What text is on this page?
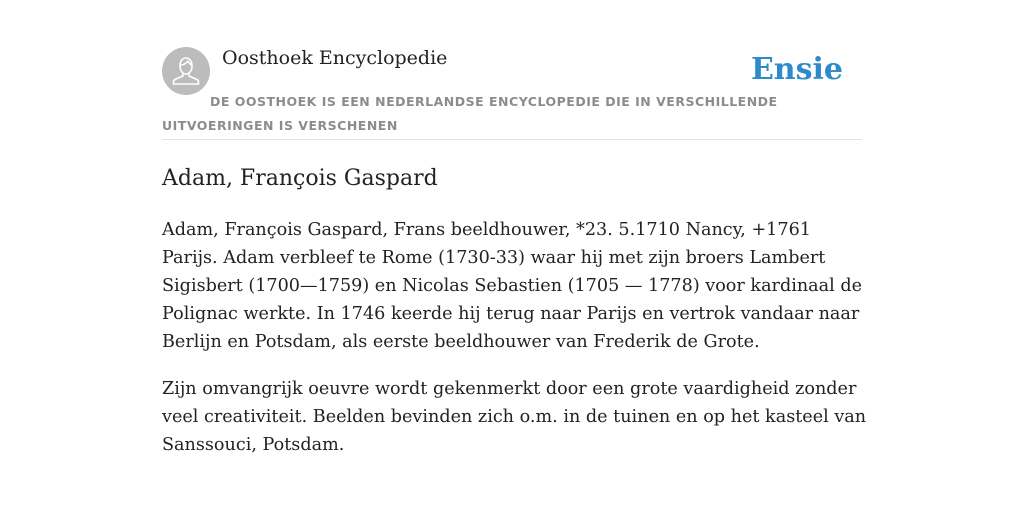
Oosthoek Encyclopedie	Ensie
DE OOSTHOEK IS EEN NEDERLANDSE ENCYCLOPEDIE DIE IN VERSCHILLENDE UITVOERINGEN IS VERSCHENEN
Adam, François Gaspard

Adam, François Gaspard, Frans beeldhouwer, *23. 5.1710 Nancy, +1761 Parijs. Adam verbleef te Rome (1730-33) waar hij met zijn broers Lambert Sigisbert (1700—1759) en Nicolas Sebastien (1705 — 1778) voor kardinaal de Polignac werkte. In 1746 keerde hij terug naar Parijs en vertrok vandaar naar Berlijn en Potsdam, als eerste beeldhouwer van Frederik de Grote.

Zijn omvangrijk oeuvre wordt gekenmerkt door een grote vaardigheid zonder veel creativiteit. Beelden bevinden zich o.m. in de tuinen en op het kasteel van Sanssouci, Potsdam.
